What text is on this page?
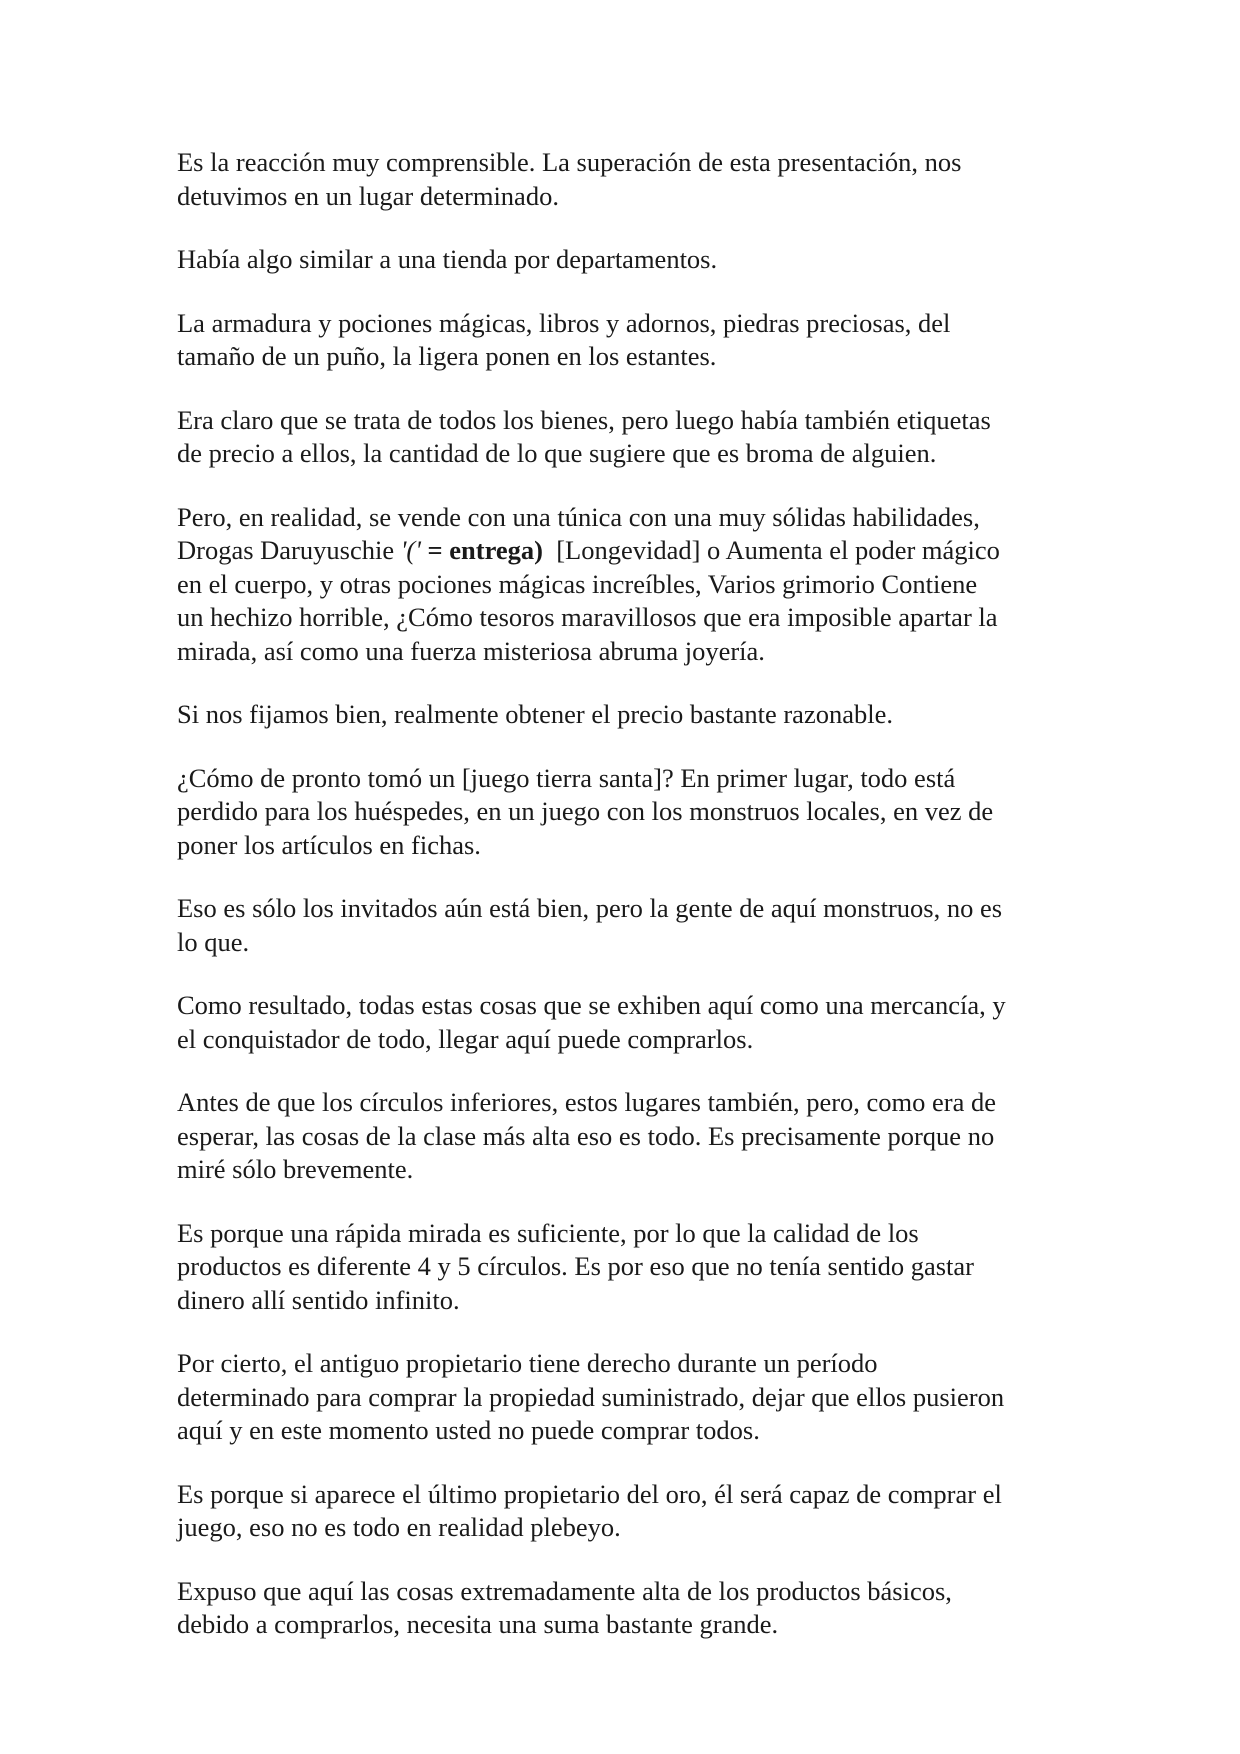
Es la reacción muy comprensible. La superación de esta presentación, nos
detuvimos en un lugar determinado.

Había algo similar a una tienda por departamentos.

La armadura y pociones mágicas, libros y adornos, piedras preciosas, del
tamaño de un puño, la ligera ponen en los estantes.

Era claro que se trata de todos los bienes, pero luego había también etiquetas
de precio a ellos, la cantidad de lo que sugiere que es broma de alguien.

Pero, en realidad, se vende con una túnica con una muy sólidas habilidades,
Drogas Daruyuschie '(' = entrega)  [Longevidad] o Aumenta el poder mágico
en el cuerpo, y otras pociones mágicas increíbles, Varios grimorio Contiene
un hechizo horrible, ¿Cómo tesoros maravillosos que era imposible apartar la
mirada, así como una fuerza misteriosa abruma joyería.

Si nos fijamos bien, realmente obtener el precio bastante razonable.

¿Cómo de pronto tomó un [juego tierra santa]? En primer lugar, todo está
perdido para los huéspedes, en un juego con los monstruos locales, en vez de
poner los artículos en fichas.

Eso es sólo los invitados aún está bien, pero la gente de aquí monstruos, no es
lo que.

Como resultado, todas estas cosas que se exhiben aquí como una mercancía, y
el conquistador de todo, llegar aquí puede comprarlos.

Antes de que los círculos inferiores, estos lugares también, pero, como era de
esperar, las cosas de la clase más alta eso es todo. Es precisamente porque no
miré sólo brevemente.

Es porque una rápida mirada es suficiente, por lo que la calidad de los
productos es diferente 4 y 5 círculos. Es por eso que no tenía sentido gastar
dinero allí sentido infinito.

Por cierto, el antiguo propietario tiene derecho durante un período
determinado para comprar la propiedad suministrado, dejar que ellos pusieron
aquí y en este momento usted no puede comprar todos.

Es porque si aparece el último propietario del oro, él será capaz de comprar el
juego, eso no es todo en realidad plebeyo.

Expuso que aquí las cosas extremadamente alta de los productos básicos,
debido a comprarlos, necesita una suma bastante grande.
